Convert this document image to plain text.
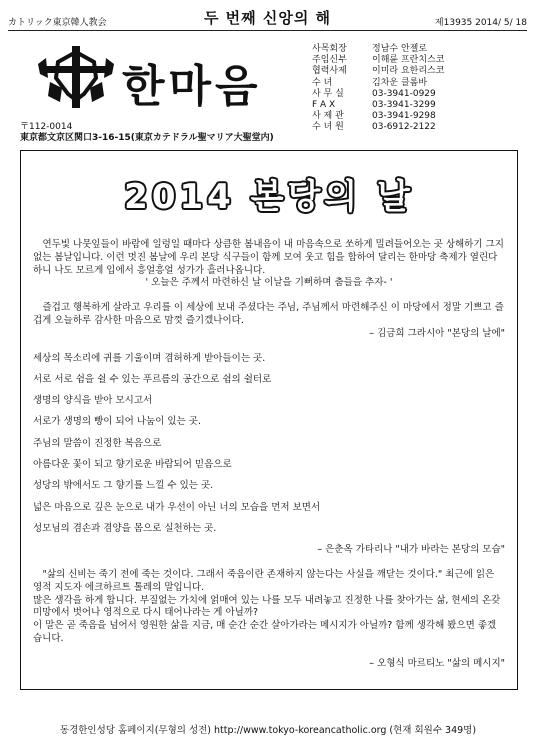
カトリック東京韓人教会	두 번째 신앙의 해	제13935 2014/ 5/ 18
한마음
〒112-0014
東京都文京区関口3-16-15(東京カテドラル聖マリア大聖堂内)
사목회장	정남수 안젤로
주임신부	이해륜 프란치스코
협력사제	이미라 요한리스코
수 녀	김차운 클롬바
사 무 실	03-3941-0929
F A X	03-3941-3299
사 제 관	03-3941-9298
수 녀 원	03-6912-2122
2014 본당의 날

연두빛 나뭇잎들이 바람에 일렁일 때마다 상큼한 봄내음이 내 마음속으로 쏘하게 밀려들어오는 곳 상해하기 그지없는 봄날입니다. 이런 멋진 봄날에 우리 본당 식구들이 함께 모여 웃고 힘을 합하여 달리는 한마당 축제가 열린다 하니 나도 모르게 입에서 흥얼흥얼 성가가 흘러나옵니다.

' 오늘은 주께서 마련하신 날 이날을 기뻐하며 춤들을 추자- '

즐겁고 행복하게 살라고 우리를 이 세상에 보내 주셨다는 주님, 주님께서 마련해주신 이 마당에서 정말 기쁘고 즐겁게 오늘하루 감사한 마음으로 맘껏 즐기겠나이다.

– 김금희 그라시아 "본당의 날에"

세상의 목소리에 귀를 기울이며 겸허하게 받아들이는 곳.

서로 서로 쉼을 쉴 수 있는 푸르름의 공간으로 쉼의 쉴터로

생명의 양식을 받아 모시고서

서로가 생명의 빵이 되어 나눔이 있는 곳.

주님의 말씀이 진정한 복음으로

아름다운 꽃이 되고 향기로운 바람되어 믿음으로

성당의 밖에서도 그 향기를 느낄 수 있는 곳.

넓은 마음으로 깊은 눈으로 내가 우선이 아닌 너의 모습을 먼저 보면서

성모님의 겸손과 겸양을 몸으로 실천하는 곳.

– 은춘옥 가타리나 "내가 바라는 본당의 모습"

"삶의 신비는 죽기 전에 죽는 것이다. 그래서 죽음이란 존재하지 않는다는 사실을 깨닫는 것이다." 최근에 읽은 영적 지도자 에크하르트 톨레의 말입니다.
많은 생각을 하게 합니다. 부질없는 가치에 얽매여 있는 나를 모두 내려놓고 진정한 나를 찾아가는 삶, 현세의 온갖 미망에서 벗어나 영적으로 다시 태어나라는 게 아닐까?
이 말은 곧 죽음을 넘어서 영원한 삶을 지금, 매 순간 순간 살아가라는 메시지가 아닐까? 함께 생각해 봤으면 좋겠습니다.

– 오형식 마르티노 "삶의 메시지"

동경한인성당 홈페이지(무형의 성전) http://www.tokyo-koreancatholic.org (현재 회원수 349명)
